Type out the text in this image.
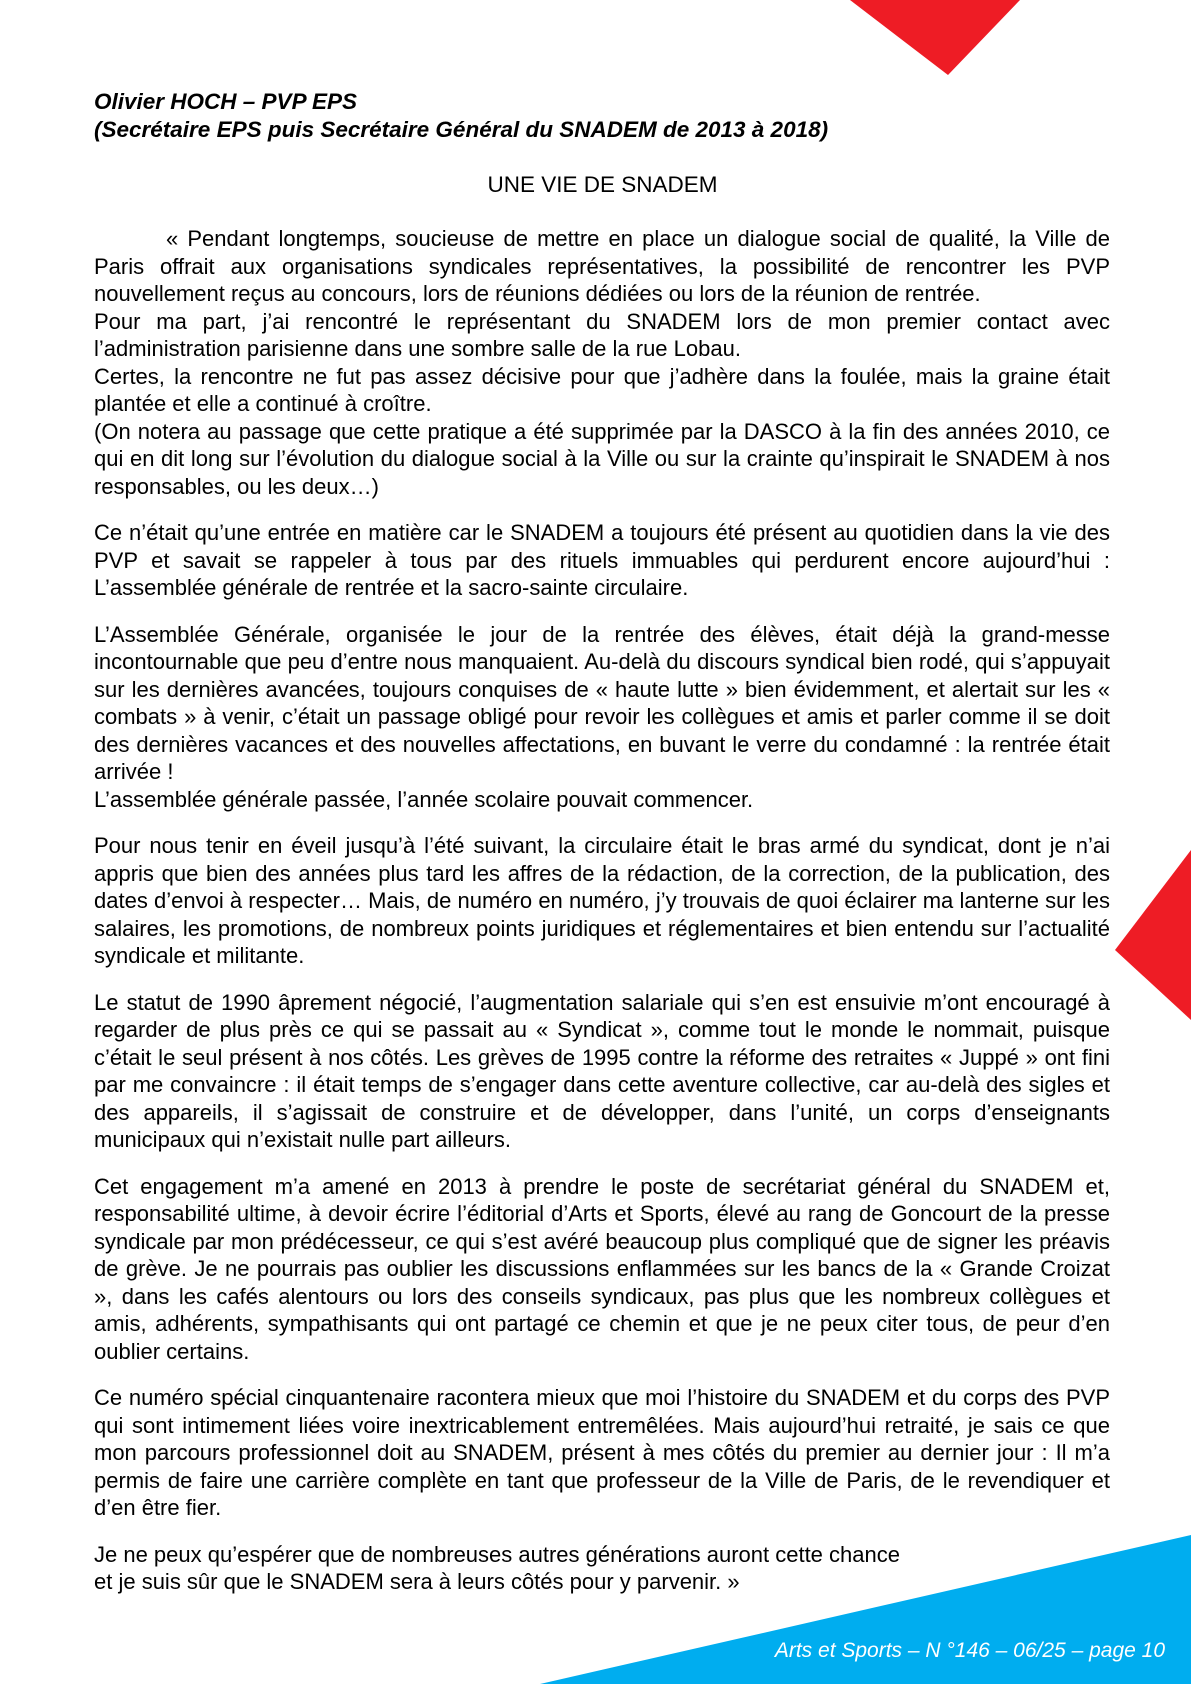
Olivier HOCH – PVP EPS

(Secrétaire EPS puis Secrétaire Général du SNADEM de 2013 à 2018)

UNE VIE DE SNADEM

« Pendant longtemps, soucieuse de mettre en place un dialogue social de qualité, la Ville de Paris offrait aux organisations syndicales représentatives, la possibilité de rencontrer les PVP nouvellement reçus au concours, lors de réunions dédiées ou lors de la réunion de rentrée.

Pour ma part, j’ai rencontré le représentant du SNADEM lors de mon premier contact avec l’administration parisienne dans une sombre salle de la rue Lobau.

Certes, la rencontre ne fut pas assez décisive pour que j’adhère dans la foulée, mais la graine était plantée et elle a continué à croître.

(On notera au passage que cette pratique a été supprimée par la DASCO à la fin des années 2010, ce qui en dit long sur l’évolution du dialogue social à la Ville ou sur la crainte qu’inspirait le SNADEM à nos responsables, ou les deux…)

Ce n’était qu’une entrée en matière car le SNADEM a toujours été présent au quotidien dans la vie des PVP et savait se rappeler à tous par des rituels immuables qui perdurent encore aujourd’hui : L’assemblée générale de rentrée et la sacro-sainte circulaire.

L’Assemblée Générale, organisée le jour de la rentrée des élèves, était déjà la grand-messe incontournable que peu d’entre nous manquaient. Au-delà du discours syndical bien rodé, qui s’appuyait sur les dernières avancées, toujours conquises de « haute lutte » bien évidemment, et alertait sur les « combats » à venir, c’était un passage obligé pour revoir les collègues et amis et parler comme il se doit des dernières vacances et des nouvelles affectations, en buvant le verre du condamné : la rentrée était arrivée !

L’assemblée générale passée, l’année scolaire pouvait commencer.

Pour nous tenir en éveil jusqu’à l’été suivant, la circulaire était le bras armé du syndicat, dont je n’ai appris que bien des années plus tard les affres de la rédaction, de la correction, de la publication, des dates d’envoi à respecter… Mais, de numéro en numéro, j’y trouvais de quoi éclairer ma lanterne sur les salaires, les promotions, de nombreux points juridiques et réglementaires et bien entendu sur l’actualité syndicale et militante.

Le statut de 1990 âprement négocié, l’augmentation salariale qui s’en est ensuivie m’ont encouragé à regarder de plus près ce qui se passait au « Syndicat », comme tout le monde le nommait, puisque c’était le seul présent à nos côtés. Les grèves de 1995 contre la réforme des retraites « Juppé » ont fini par me convaincre : il était temps de s’engager dans cette aventure collective, car au-delà des sigles et des appareils, il s’agissait de construire et de développer, dans l’unité, un corps d’enseignants municipaux qui n’existait nulle part ailleurs.

Cet engagement m’a amené en 2013 à prendre le poste de secrétariat général du SNADEM et, responsabilité ultime, à devoir écrire l’éditorial d’Arts et Sports, élevé au rang de Goncourt de la presse syndicale par mon prédécesseur, ce qui s’est avéré beaucoup plus compliqué que de signer les préavis de grève. Je ne pourrais pas oublier les discussions enflammées sur les bancs de la « Grande Croizat », dans les cafés alentours ou lors des conseils syndicaux, pas plus que les nombreux collègues et amis, adhérents, sympathisants qui ont partagé ce chemin et que je ne peux citer tous, de peur d’en oublier certains.

Ce numéro spécial cinquantenaire racontera mieux que moi l’histoire du SNADEM et du corps des PVP qui sont intimement liées voire inextricablement entremêlées. Mais aujourd’hui retraité, je sais ce que mon parcours professionnel doit au SNADEM, présent à mes côtés du premier au dernier jour : Il m’a permis de faire une carrière complète en tant que professeur de la Ville de Paris, de le revendiquer et d’en être fier.

Je ne peux qu’espérer que de nombreuses autres générations auront cette chance

et je suis sûr que le SNADEM sera à leurs côtés pour y parvenir. »

Arts et Sports – N °146 – 06/25 – page 10
